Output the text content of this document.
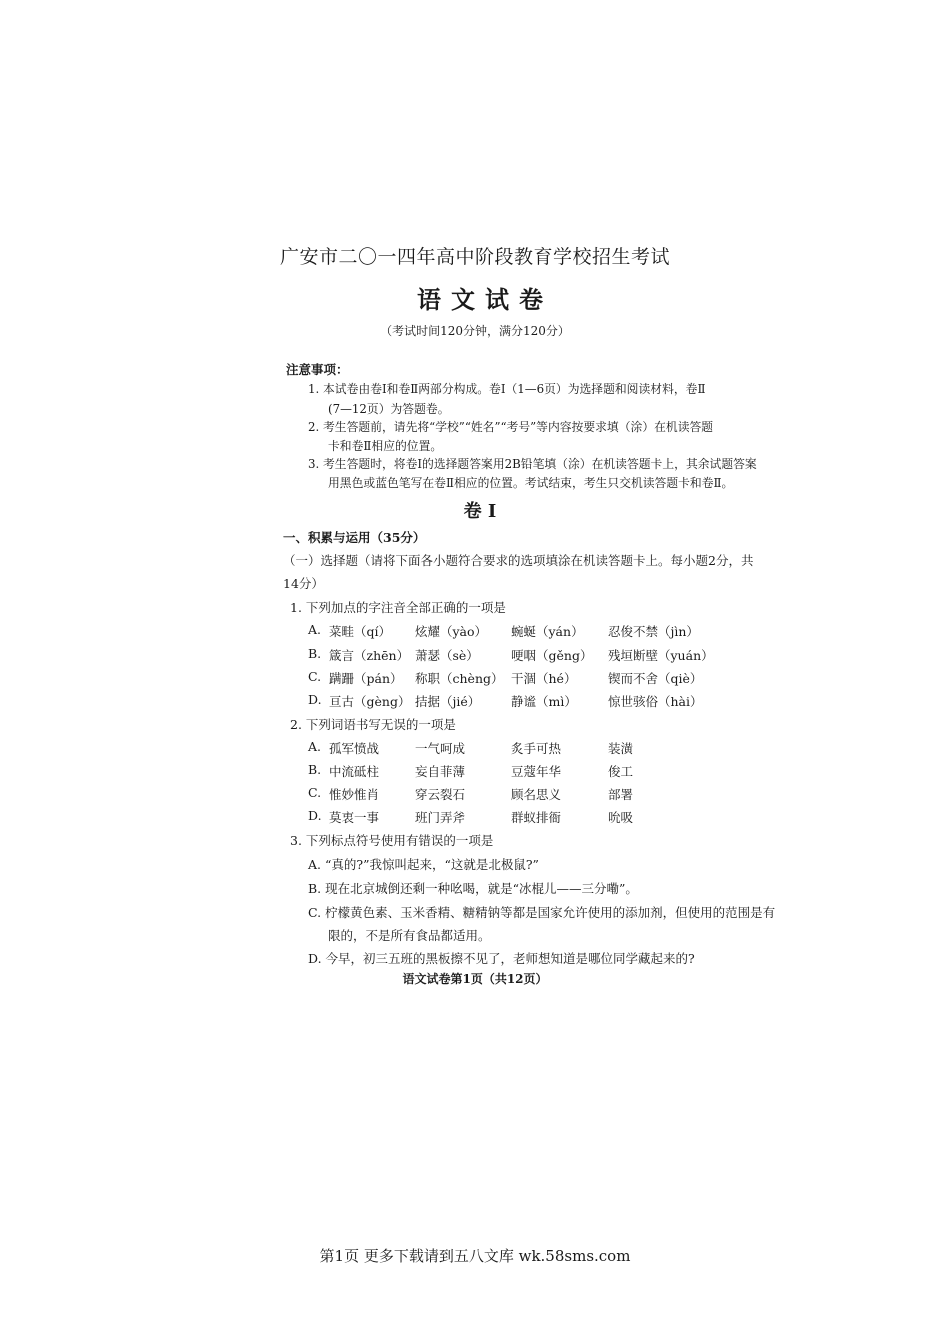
广安市二〇一四年高中阶段教育学校招生考试
语文试卷
（考试时间120分钟，满分120分）
注意事项：
1. 本试卷由卷Ⅰ和卷Ⅱ两部分构成。卷Ⅰ（1—6页）为选择题和阅读材料，卷Ⅱ
(7—12页）为答题卷。
2. 考生答题前，请先将“学校”“姓名”“考号”等内容按要求填（涂）在机读答题
卡和卷Ⅱ相应的位置。
3. 考生答题时，将卷Ⅰ的选择题答案用2B铅笔填（涂）在机读答题卡上，其余试题答案
用黑色或蓝色笔写在卷Ⅱ相应的位置。考试结束，考生只交机读答题卡和卷Ⅱ。
卷 Ⅰ
一、积累与运用（35分）
（一）选择题（请将下面各小题符合要求的选项填涂在机读答题卡上。每小题2分，共
14分）
1. 下列加点的字注音全部正确的一项是
A. 菜畦（qí） 炫耀（yào） 蜿蜒（yán） 忍俊不禁（jìn）
B. 箴言（zhēn） 萧瑟（sè）	哽咽（gěng） 残垣断壁（yuán）
C. 蹒跚（pán） 称职（chèng） 干涸（hé）	锲而不舍（qiè）
D. 亘古（gèng） 拮据（jié） 静谧（mì） 惊世骇俗（hài）
2. 下列词语书写无误的一项是
A. 孤军愤战	一气呵成	炙手可热	装潢
B. 中流砥柱	妄自菲薄	豆蔻年华	俊工
C. 惟妙惟肖	穿云裂石	顾名思义	部署
D. 莫衷一事	班门弄斧	群蚁排衙	吮吸
3. 下列标点符号使用有错误的一项是
A. “真的?”我惊叫起来，“这就是北极鼠?”
B. 现在北京城倒还剩一种吆喝，就是“冰棍儿——三分嘞”。
C. 柠檬黄色素、玉米香精、糖精钠等都是国家允许使用的添加剂，但使用的范围是有
限的，不是所有食品都适用。
D. 今早，初三五班的黑板擦不见了，老师想知道是哪位同学藏起来的?
语文试卷第1页（共12页）
第1页 更多下载请到五八文库 wk.58sms.com
